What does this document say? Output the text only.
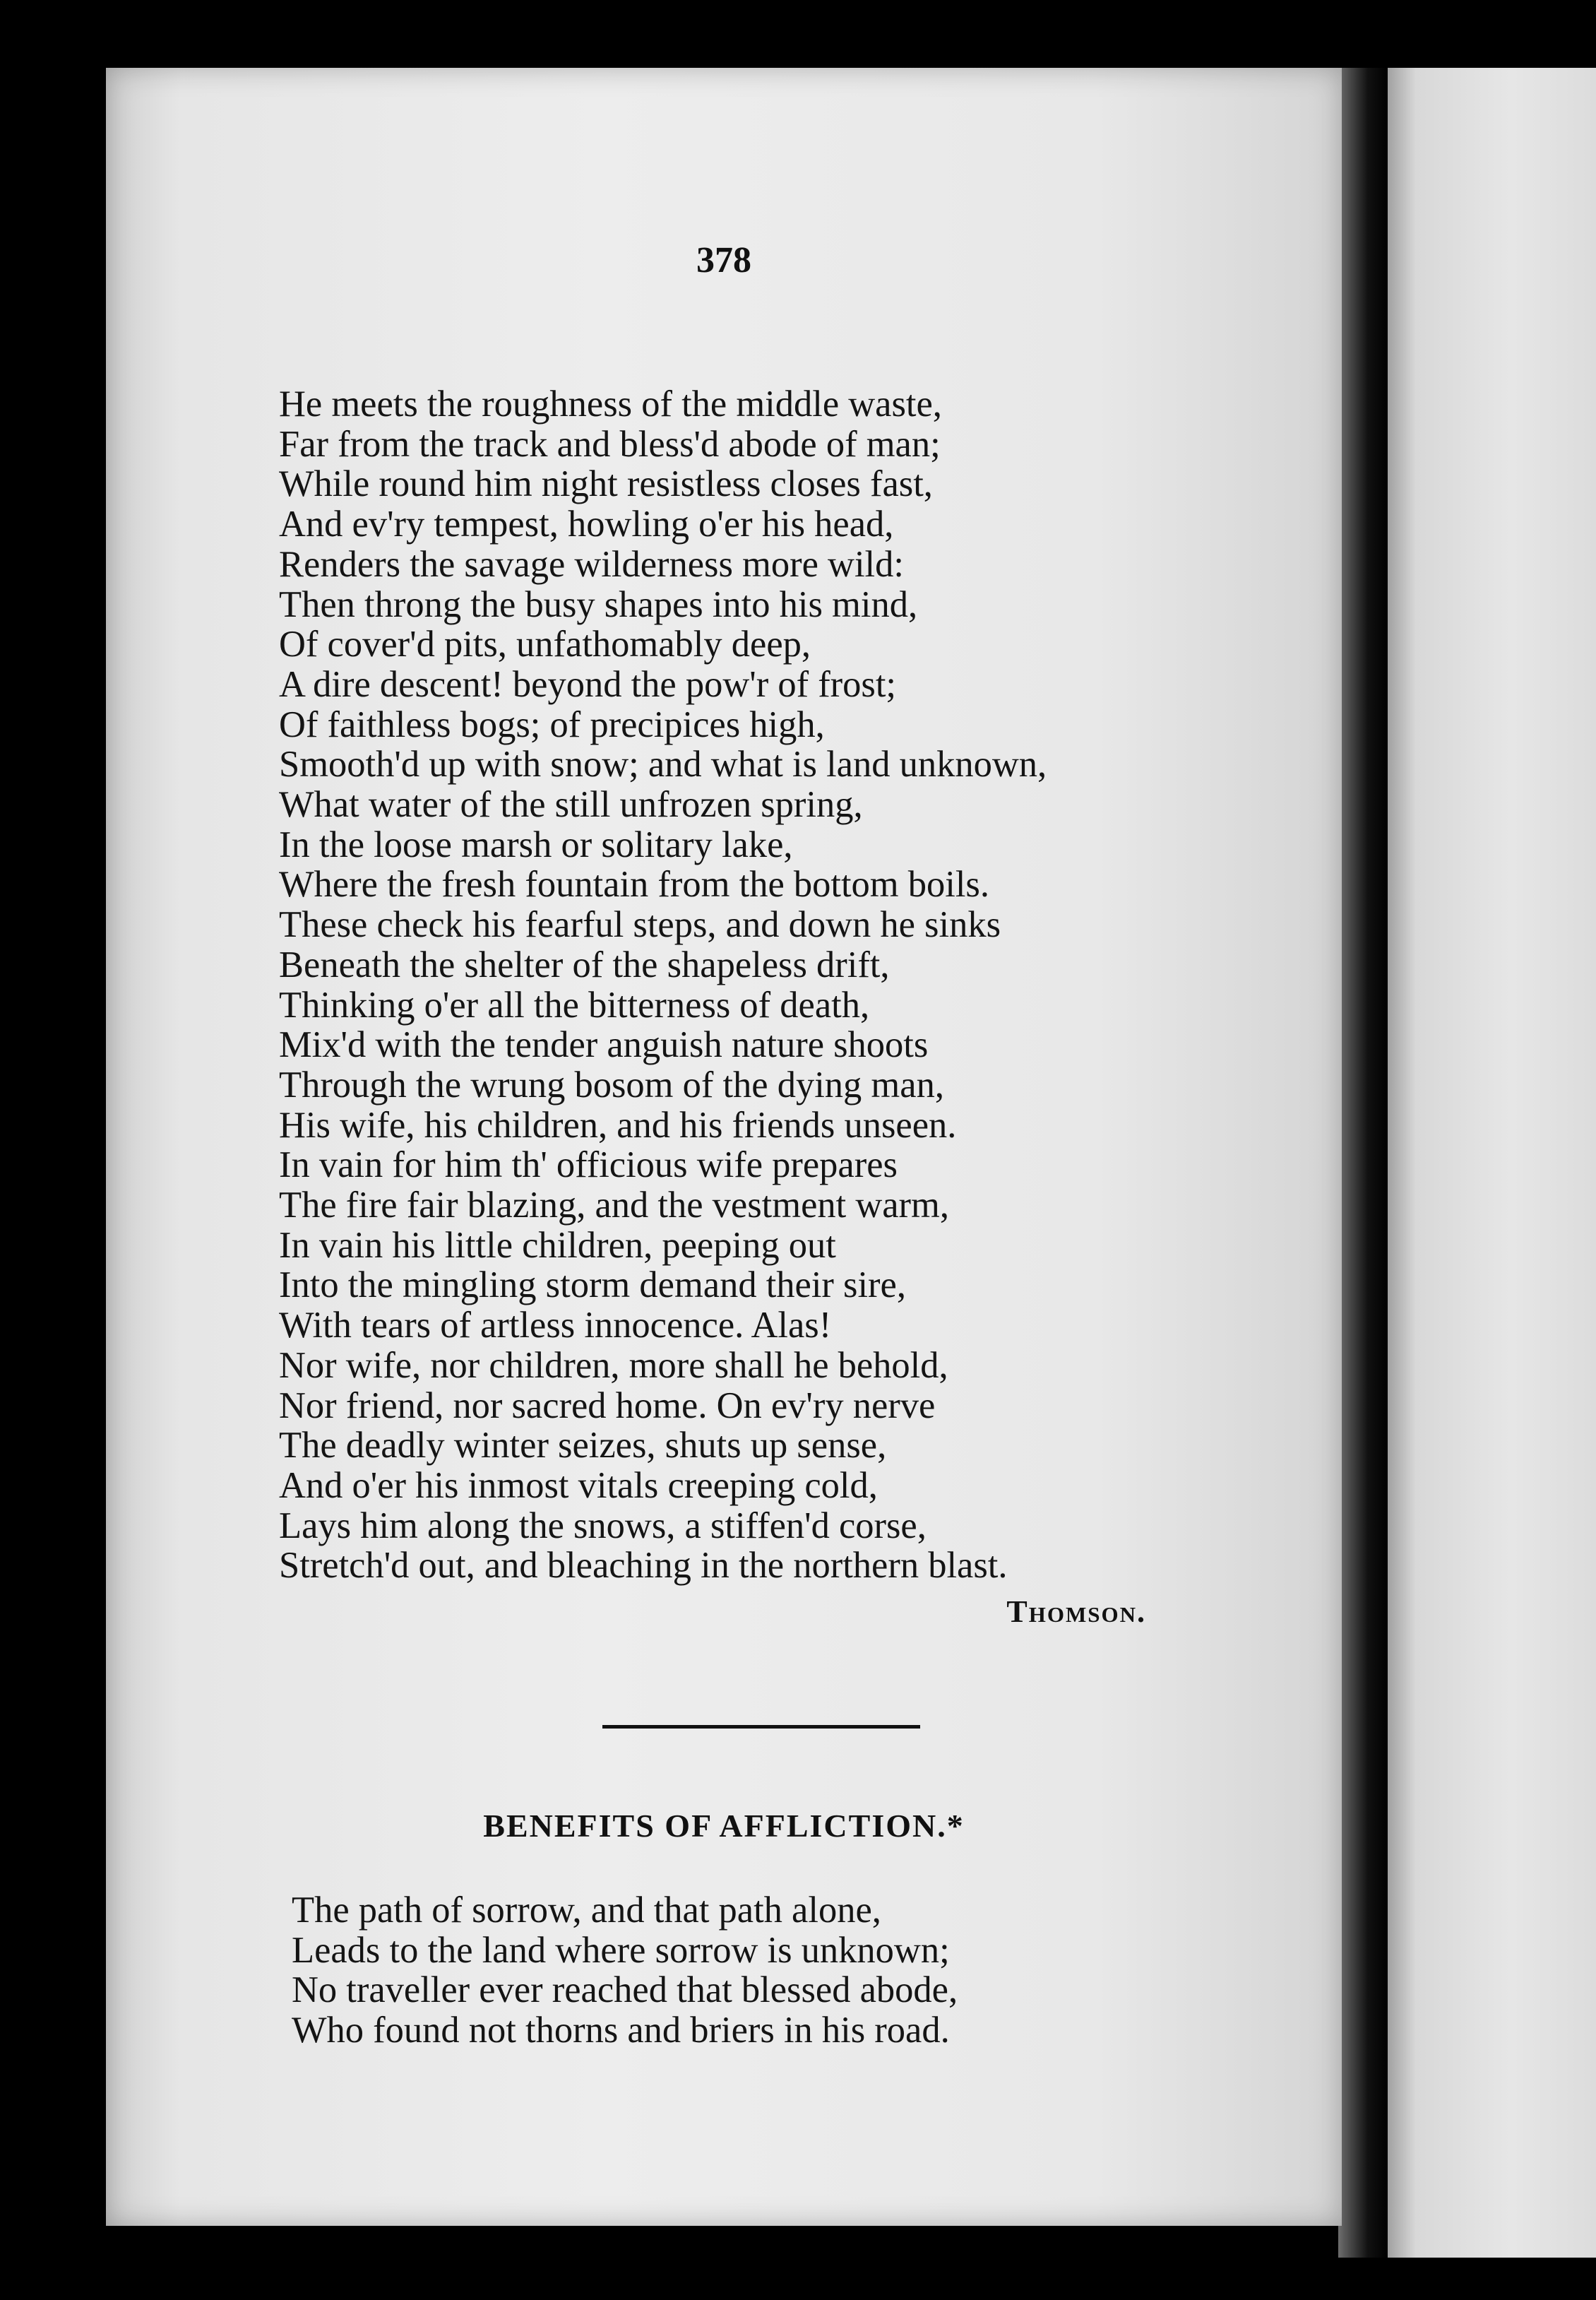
378

He meets the roughness of the middle waste,
Far from the track and bless'd abode of man;
While round him night resistless closes fast,
And ev'ry tempest, howling o'er his head,
Renders the savage wilderness more wild:
Then throng the busy shapes into his mind,
Of cover'd pits, unfathomably deep,
A dire descent! beyond the pow'r of frost;
Of faithless bogs; of precipices high,
Smooth'd up with snow; and what is land unknown,
What water of the still unfrozen spring,
In the loose marsh or solitary lake,
Where the fresh fountain from the bottom boils.
These check his fearful steps, and down he sinks
Beneath the shelter of the shapeless drift,
Thinking o'er all the bitterness of death,
Mix'd with the tender anguish nature shoots
Through the wrung bosom of the dying man,
His wife, his children, and his friends unseen.
In vain for him th' officious wife prepares
The fire fair blazing, and the vestment warm,
In vain his little children, peeping out
Into the mingling storm demand their sire,
With tears of artless innocence. Alas!
Nor wife, nor children, more shall he behold,
Nor friend, nor sacred home. On ev'ry nerve
The deadly winter seizes, shuts up sense,
And o'er his inmost vitals creeping cold,
Lays him along the snows, a stiffen'd corse,
Stretch'd out, and bleaching in the northern blast.

Thomson.

BENEFITS OF AFFLICTION.*

The path of sorrow, and that path alone,
Leads to the land where sorrow is unknown;
No traveller ever reached that blessed abode,
Who found not thorns and briers in his road.
